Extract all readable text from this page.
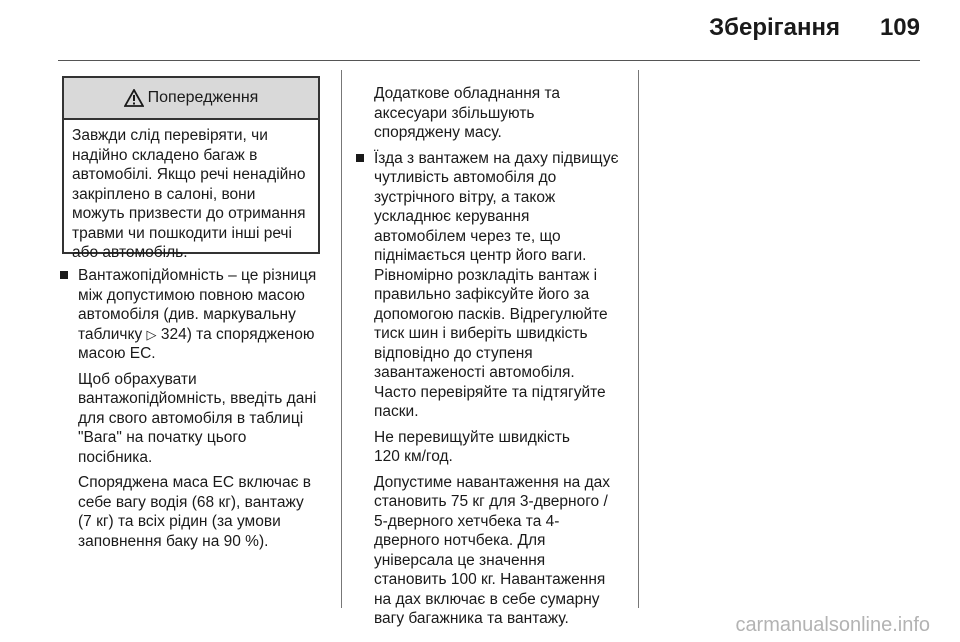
Зберігання	109
Попередження
Завжди слід перевіряти, чи
надійно складено багаж в
автомобілі. Якщо речі ненадійно
закріплено в салоні, вони
можуть призвести до отримання
травми чи пошкодити інші речі
або автомобіль.

Вантажопідйомність – це різниця

між допустимою повною масою

автомобіля (див. маркувальну

табличку ▷ 324) та спорядженою

масою ЕС.

Щоб обрахувати

вантажопідйомність, введіть дані

для свого автомобіля в таблиці

"Вага" на початку цього

посібника.

Споряджена маса ЕС включає в

себе вагу водія (68 кг), вантажу

(7 кг) та всіх рідин (за умови

заповнення баку на 90 %).

Додаткове обладнання та

аксесуари збільшують

споряджену масу.

Їзда з вантажем на даху підвищує

чутливість автомобіля до

зустрічного вітру, а також

ускладнює керування

автомобілем через те, що

піднімається центр його ваги.

Рівномірно розкладіть вантаж і

правильно зафіксуйте його за

допомогою пасків. Відрегулюйте

тиск шин і виберіть швидкість

відповідно до ступеня

завантаженості автомобіля.

Часто перевіряйте та підтягуйте

паски.

Не перевищуйте швидкість

120 км/год.

Допустиме навантаження на дах

становить 75 кг для 3-дверного /

5-дверного хетчбека та 4-

дверного нотчбека. Для

універсала це значення

становить 100 кг. Навантаження

на дах включає в себе сумарну

вагу багажника та вантажу.	carmanualsonline.info
